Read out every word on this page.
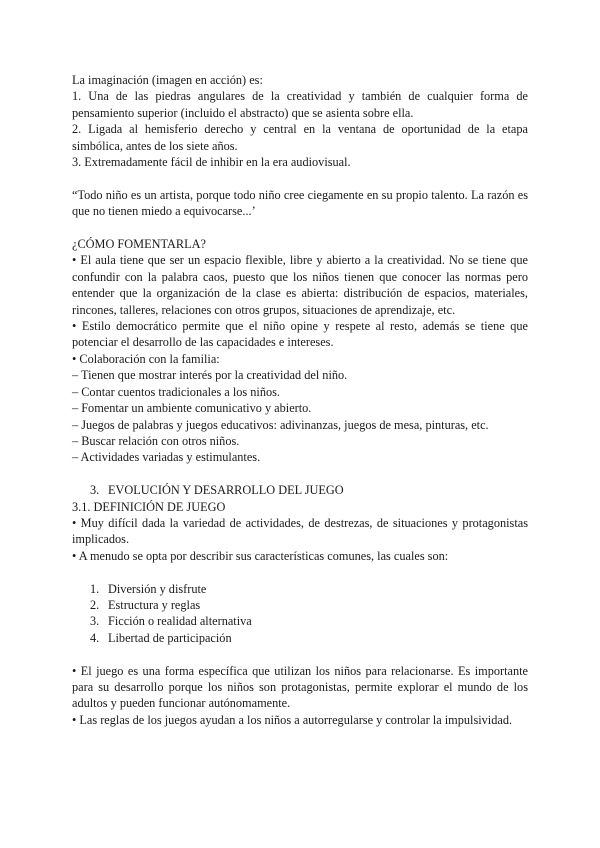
La imaginación (imagen en acción) es:

1. Una de las piedras angulares de la creatividad y también de cualquier forma de pensamiento superior (incluido el abstracto) que se asienta sobre ella.

2. Ligada al hemisferio derecho y central en la ventana de oportunidad de la etapa simbólica, antes de los siete años.

3. Extremadamente fácil de inhibir en la era audiovisual.

“Todo niño es un artista, porque todo niño cree ciegamente en su propio talento. La razón es que no tienen miedo a equivocarse...’

¿CÓMO FOMENTARLA?

• El aula tiene que ser un espacio flexible, libre y abierto a la creatividad. No se tiene que confundir con la palabra caos, puesto que los niños tienen que conocer las normas pero entender que la organización de la clase es abierta: distribución de espacios, materiales, rincones, talleres, relaciones con otros grupos, situaciones de aprendizaje, etc.

• Estilo democrático permite que el niño opine y respete al resto, además se tiene que potenciar el desarrollo de las capacidades e intereses.

• Colaboración con la familia:

– Tienen que mostrar interés por la creatividad del niño.

– Contar cuentos tradicionales a los niños.

– Fomentar un ambiente comunicativo y abierto.

– Juegos de palabras y juegos educativos: adivinanzas, juegos de mesa, pinturas, etc.

– Buscar relación con otros niños.

– Actividades variadas y estimulantes.

3. EVOLUCIÓN Y DESARROLLO DEL JUEGO

3.1. DEFINICIÓN DE JUEGO

• Muy difícil dada la variedad de actividades, de destrezas, de situaciones y protagonistas implicados.

• A menudo se opta por describir sus características comunes, las cuales son:

1. Diversión y disfrute
2. Estructura y reglas
3. Ficción o realidad alternativa
4. Libertad de participación

• El juego es una forma específica que utilizan los niños para relacionarse. Es importante para su desarrollo porque los niños son protagonistas, permite explorar el mundo de los adultos y pueden funcionar autónomamente.

• Las reglas de los juegos ayudan a los niños a autorregularse y controlar la impulsividad.
